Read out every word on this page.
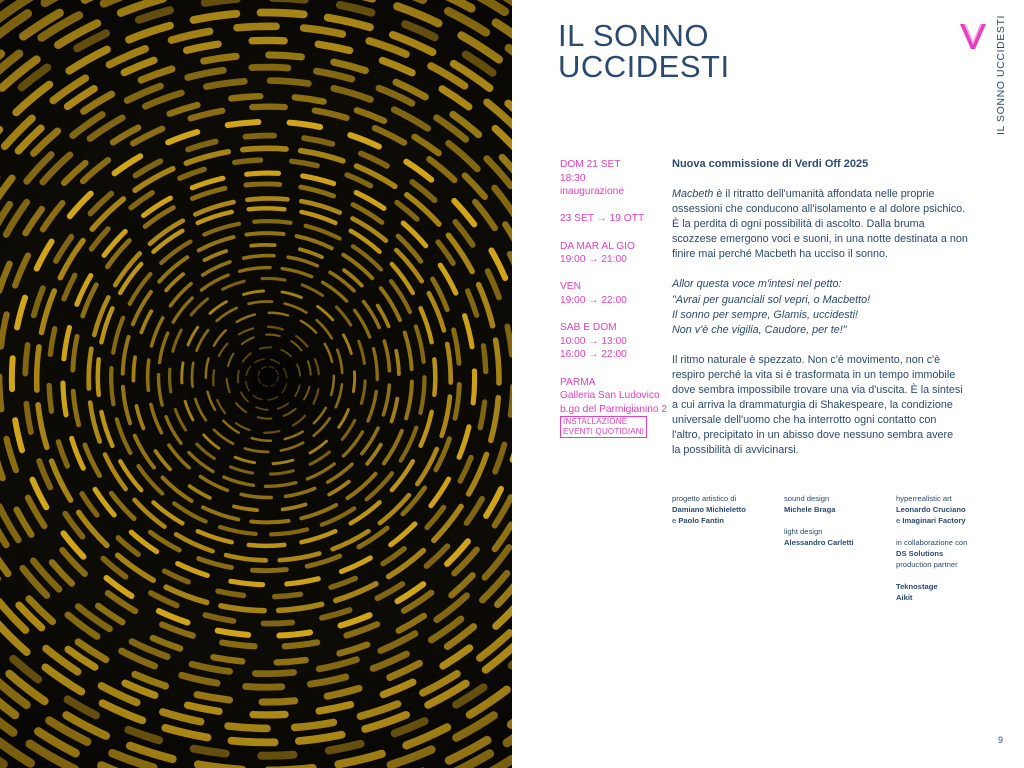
IL SONNO
UCCIDESTI	IL SONNO UCCIDESTI
DOM 21 SET
18:30
inaugurazione
23 SET → 19 OTT
DA MAR AL GIO
19:00 → 21:00
VEN
19:00 → 22:00
SAB E DOM
10:00 → 13:00
16:00 → 22:00
PARMA
Galleria San Ludovico
b.go del Parmigianino 2
INSTALLAZIONE
EVENTI QUOTIDIANI
Nuova commissione di Verdi Off 2025

Macbeth è il ritratto dell'umanità affondata nelle proprie
ossessioni che conducono all'isolamento e al dolore psichico.
È la perdita di ogni possibilità di ascolto. Dalla bruma
scozzese emergono voci e suoni, in una notte destinata a non
finire mai perché Macbeth ha ucciso il sonno.

Allor questa voce m'intesi nel petto:
"Avrai per guanciali sol vepri, o Macbetto!
Il sonno per sempre, Glamis, uccidesti!
Non v'è che vigilia, Caudore, per te!"

Il ritmo naturale è spezzato. Non c'è movimento, non c'è
respiro perché la vita si è trasformata in un tempo immobile
dove sembra impossibile trovare una via d'uscita. È la sintesi
a cui arriva la drammaturgia di Shakespeare, la condizione
universale dell'uomo che ha interrotto ogni contatto con
l'altro, precipitato in un abisso dove nessuno sembra avere
la possibilità di avvicinarsi.

progetto artistico di
Damiano Michieletto
e Paolo Fantin
sound design
Michele Braga
light design
Alessandro Carletti
hyperrealistic art
Leonardo Cruciano
e Imaginari Factory
in collaborazione con
DS Solutions
production partner
Teknostage
Aikit
9
